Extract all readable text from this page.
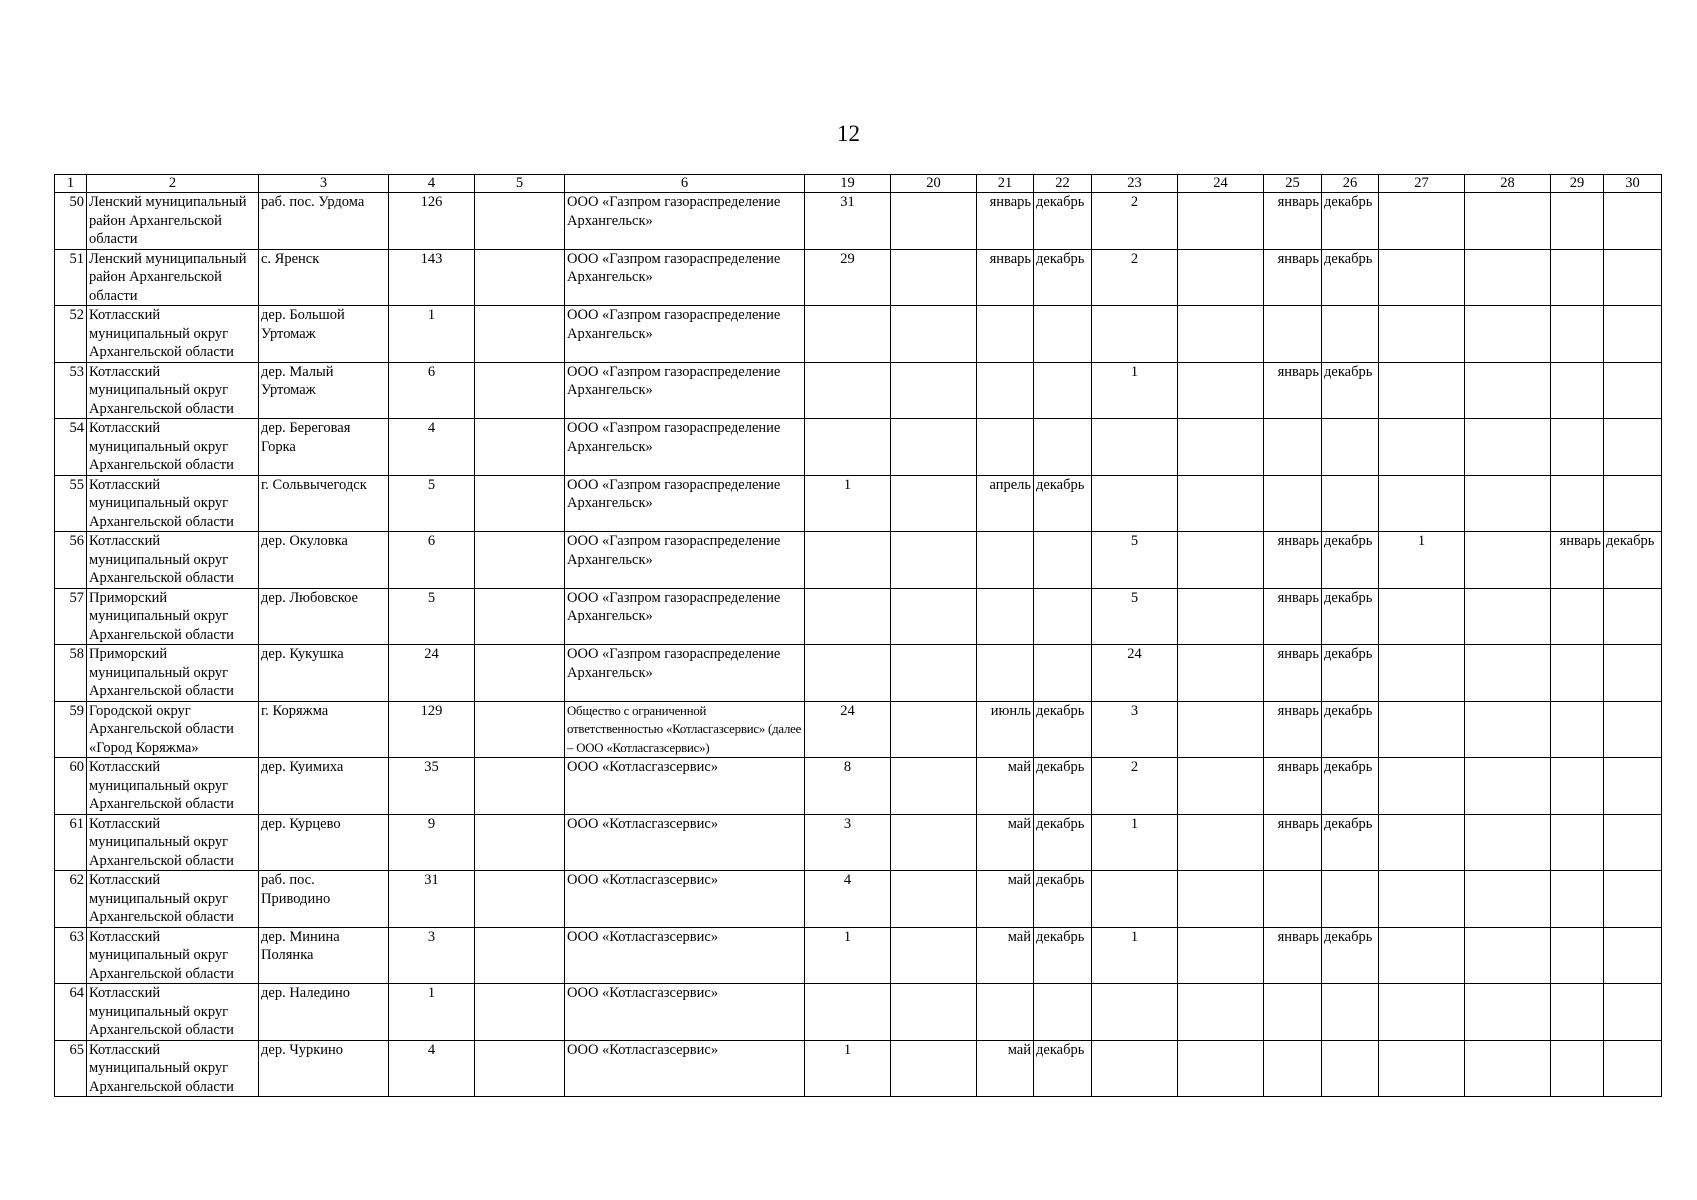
12
1	2	3	4	5	6	19	20	21	22	23	24	25	26	27	28	29	30
50	Ленский муниципальный район Архангельской области	раб. пос. Урдома	126		ООО «Газпром газораспределение Архангельск»	31		январь	декабрь	2		январь	декабрь				
51	Ленский муниципальный район Архангельской области	с. Яренск	143		ООО «Газпром газораспределение Архангельск»	29		январь	декабрь	2		январь	декабрь				
52	Котласский муниципальный округ Архангельской области	дер. Большой Уртомаж	1		ООО «Газпром газораспределение Архангельск»												
53	Котласский муниципальный округ Архангельской области	дер. Малый Уртомаж	6		ООО «Газпром газораспределение Архангельск»					1		январь	декабрь				
54	Котласский муниципальный округ Архангельской области	дер. Береговая Горка	4		ООО «Газпром газораспределение Архангельск»												
55	Котласский муниципальный округ Архангельской области	г. Сольвычегодск	5		ООО «Газпром газораспределение Архангельск»	1		апрель	декабрь								
56	Котласский муниципальный округ Архангельской области	дер. Окуловка	6		ООО «Газпром газораспределение Архангельск»					5		январь	декабрь	1		январь	декабрь
57	Приморский муниципальный округ Архангельской области	дер. Любовское	5		ООО «Газпром газораспределение Архангельск»					5		январь	декабрь				
58	Приморский муниципальный округ Архангельской области	дер. Кукушка	24		ООО «Газпром газораспределение Архангельск»					24		январь	декабрь				
59	Городской округ Архангельской области «Город Коряжма»	г. Коряжма	129		Общество с ограниченной ответственностью «Котласгазсервис» (далее – ООО «Котласгазсервис»)	24		июнль	декабрь	3		январь	декабрь				
60	Котласский муниципальный округ Архангельской области	дер. Куимиха	35		ООО «Котласгазсервис»	8		май	декабрь	2		январь	декабрь				
61	Котласский муниципальный округ Архангельской области	дер. Курцево	9		ООО «Котласгазсервис»	3		май	декабрь	1		январь	декабрь				
62	Котласский муниципальный округ Архангельской области	раб. пос. Приводино	31		ООО «Котласгазсервис»	4		май	декабрь								
63	Котласский муниципальный округ Архангельской области	дер. Минина Полянка	3		ООО «Котласгазсервис»	1		май	декабрь	1		январь	декабрь				
64	Котласский муниципальный округ Архангельской области	дер. Наледино	1		ООО «Котласгазсервис»												
65	Котласский муниципальный округ Архангельской области	дер. Чуркино	4		ООО «Котласгазсервис»	1		май	декабрь								
